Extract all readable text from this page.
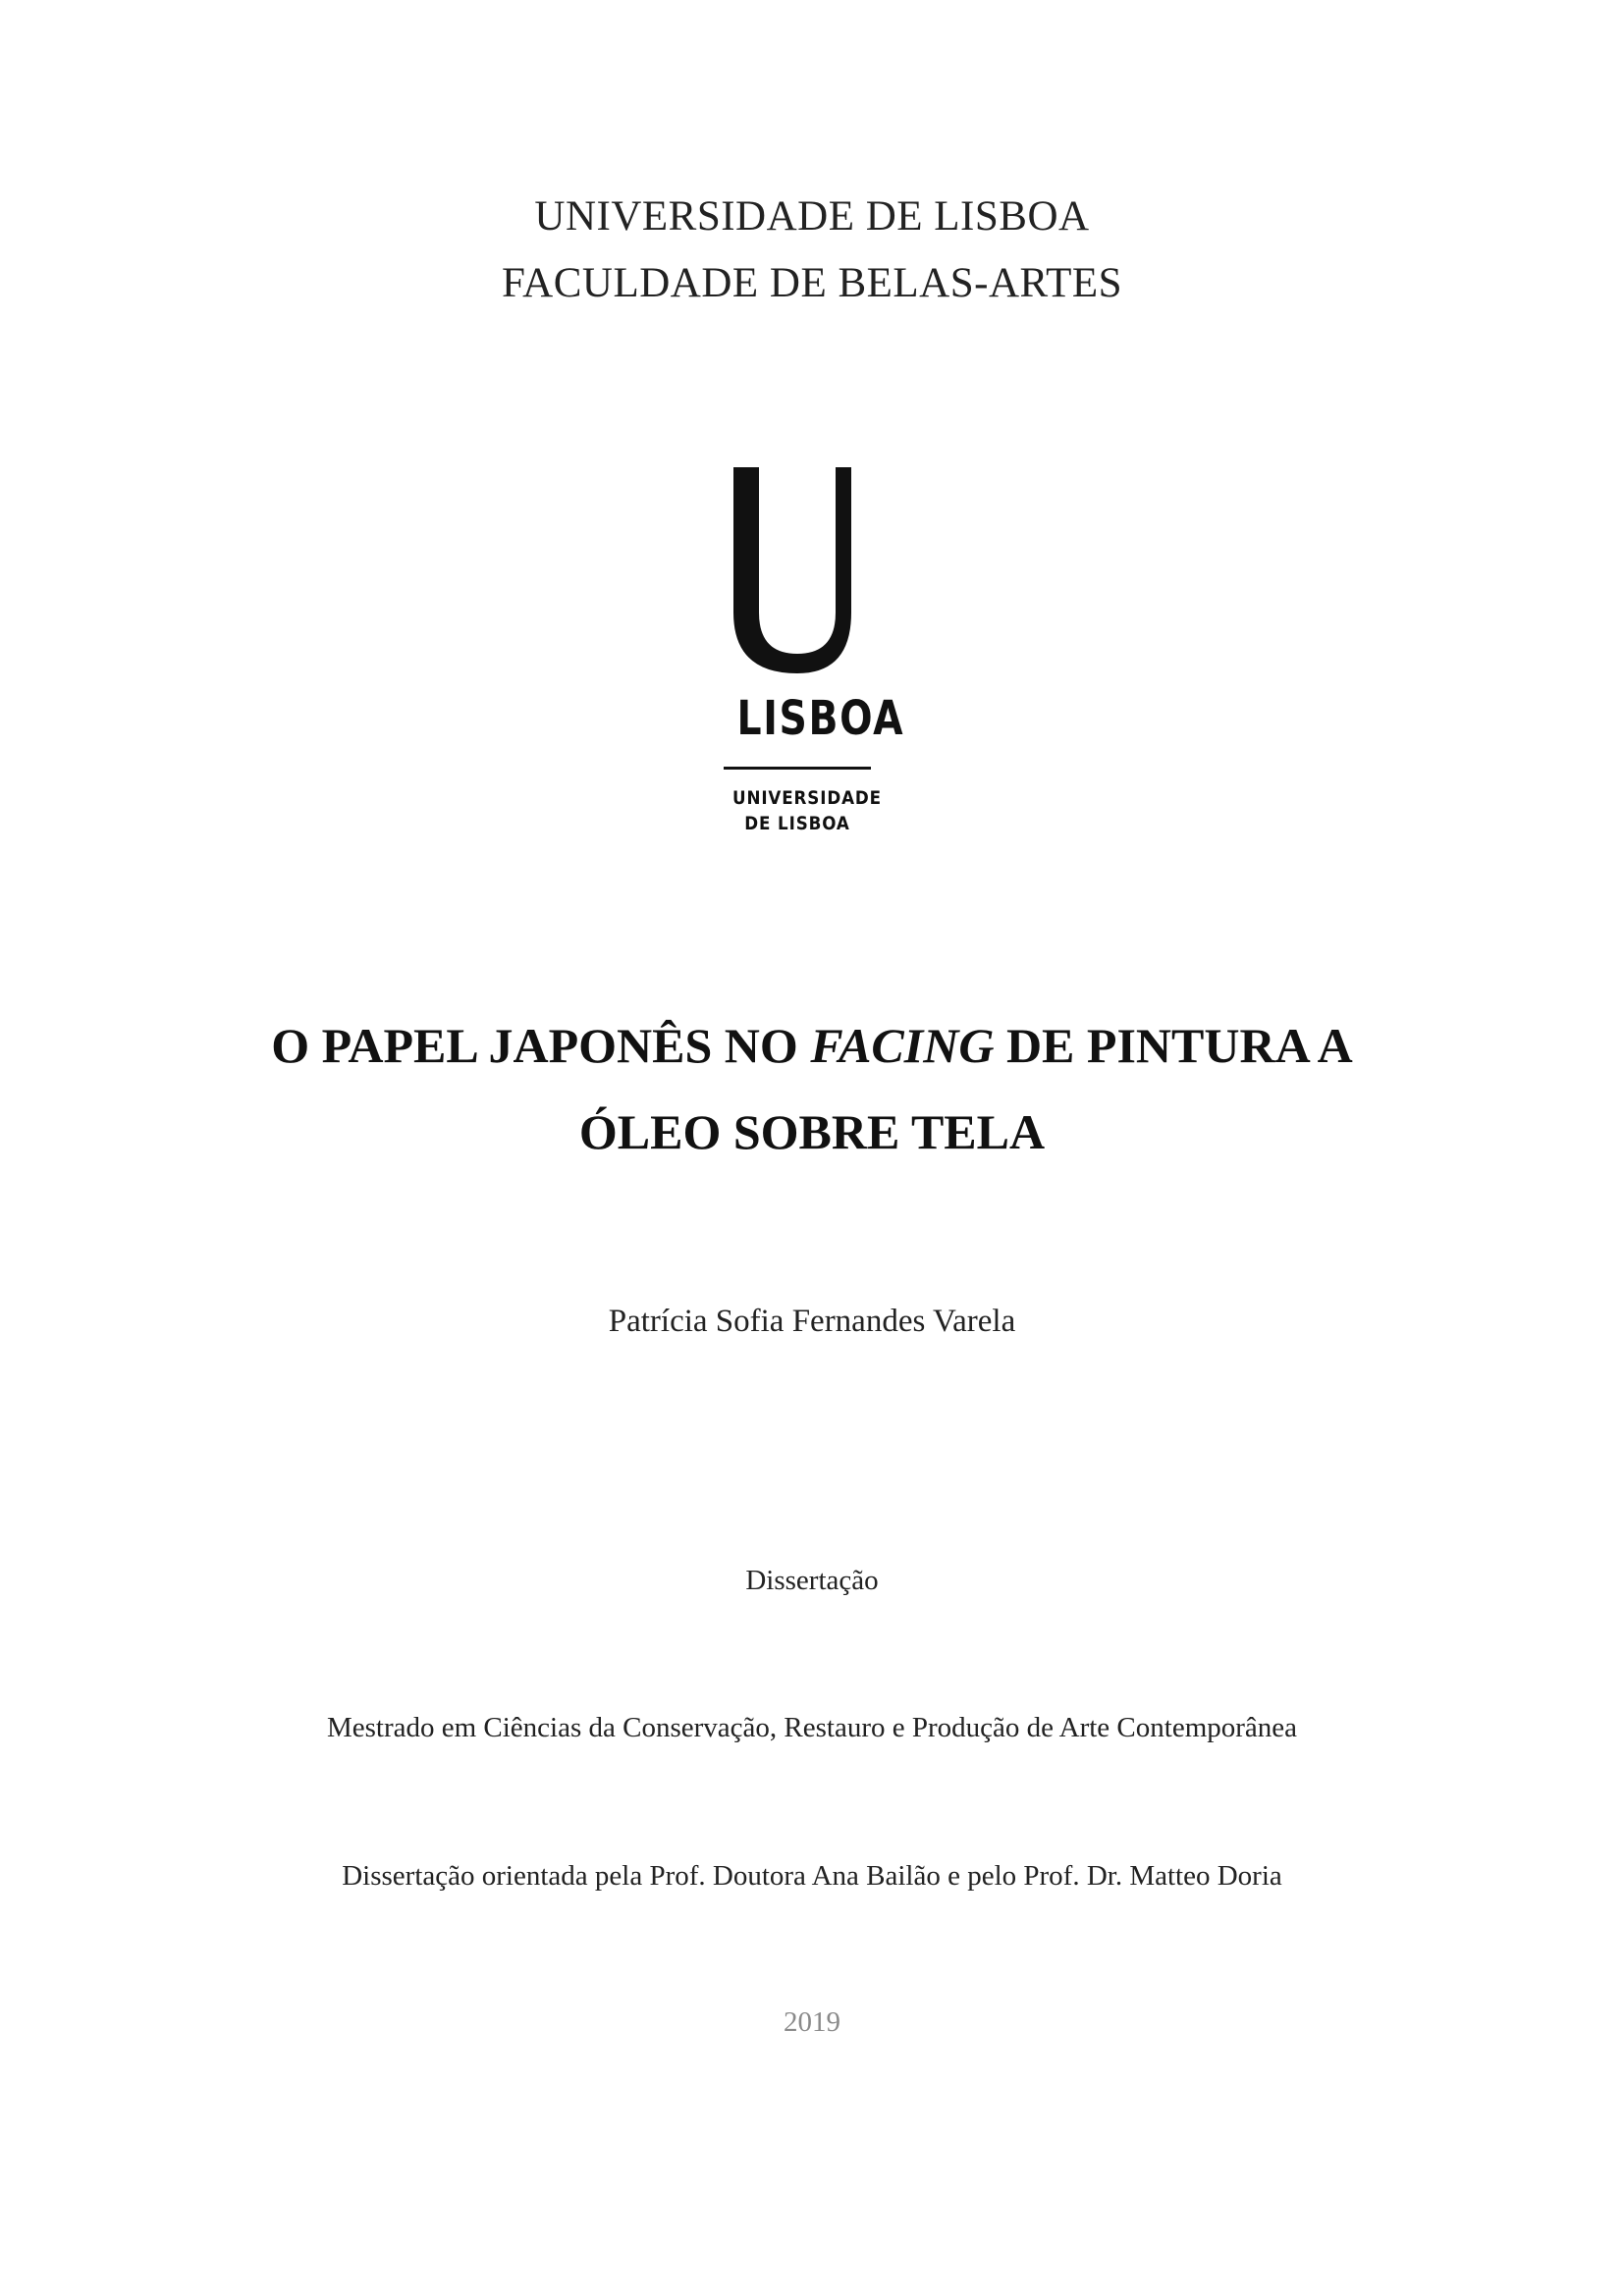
UNIVERSIDADE DE LISBOA
FACULDADE DE BELAS-ARTES
LISBOA
UNIVERSIDADE
DE LISBOA
O PAPEL JAPONÊS NO FACING DE PINTURA A
ÓLEO SOBRE TELA
Patrícia Sofia Fernandes Varela
Dissertação
Mestrado em Ciências da Conservação, Restauro e Produção de Arte Contemporânea
Dissertação orientada pela Prof. Doutora Ana Bailão e pelo Prof. Dr. Matteo Doria
2019
